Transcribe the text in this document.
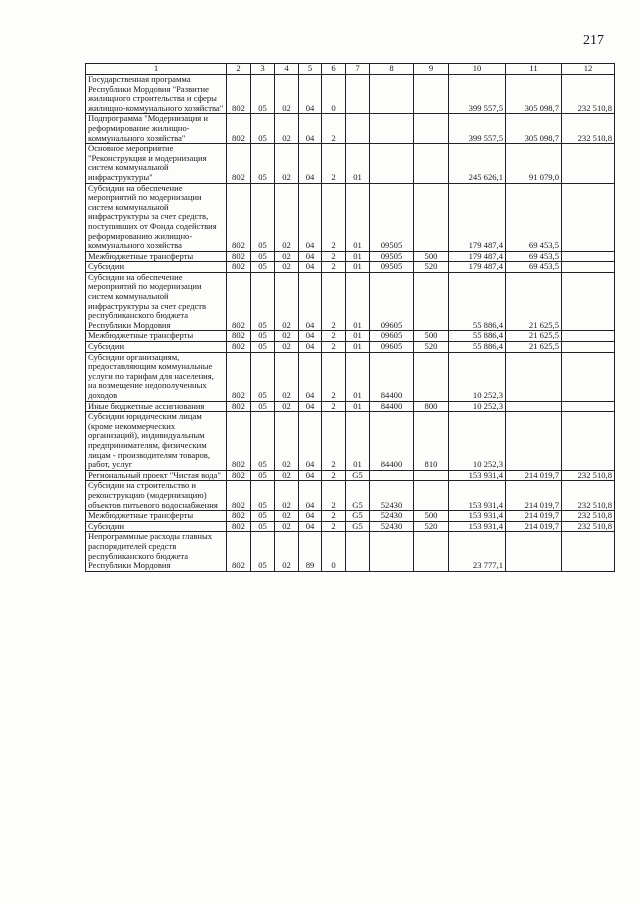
217
1	2	3	4	5	6	7	8	9	10	11	12
Государственная программа Республики Мордовия "Развитие жилищного строительства и сферы жилищно-коммунального хозяйства"	802	05	02	04	0				399 557,5	305 098,7	232 510,8
Подпрограмма "Модернизация и реформирование жилищно-коммунального хозяйства"	802	05	02	04	2				399 557,5	305 098,7	232 510,8
Основное мероприятие "Реконструкция и модернизация систем коммунальной инфраструктуры"	802	05	02	04	2	01			245 626,1	91 079,0	
Субсидии на обеспечение мероприятий по модернизации систем коммунальной инфраструктуры за счет средств, поступивших от Фонда содействия реформированию жилищно-коммунального хозяйства	802	05	02	04	2	01	09505		179 487,4	69 453,5	
Межбюджетные трансферты	802	05	02	04	2	01	09505	500	179 487,4	69 453,5	
Субсидии	802	05	02	04	2	01	09505	520	179 487,4	69 453,5	
Субсидии на обеспечение мероприятий по модернизации систем коммунальной инфраструктуры за счет средств республиканского бюджета Республики Мордовия	802	05	02	04	2	01	09605		55 886,4	21 625,5	
Межбюджетные трансферты	802	05	02	04	2	01	09605	500	55 886,4	21 625,5	
Субсидии	802	05	02	04	2	01	09605	520	55 886,4	21 625,5	
Субсидии организациям, предоставляющим коммунальные услуги по тарифам для населения, на возмещение недополученных доходов	802	05	02	04	2	01	84400		10 252,3		
Иные бюджетные ассигнования	802	05	02	04	2	01	84400	800	10 252,3		
Субсидии юридическим лицам (кроме некоммерческих организаций), индивидуальным предпринимателям, физическим лицам - производителям товаров, работ, услуг	802	05	02	04	2	01	84400	810	10 252,3		
Региональный проект "Чистая вода"	802	05	02	04	2	G5			153 931,4	214 019,7	232 510,8
Субсидии на строительство и реконструкцию (модернизацию) объектов питьевого водоснабжения	802	05	02	04	2	G5	52430		153 931,4	214 019,7	232 510,8
Межбюджетные трансферты	802	05	02	04	2	G5	52430	500	153 931,4	214 019,7	232 510,8
Субсидии	802	05	02	04	2	G5	52430	520	153 931,4	214 019,7	232 510,8
Непрограммные расходы главных распорядителей средств республиканского бюджета Республики Мордовия	802	05	02	89	0				23 777,1		
